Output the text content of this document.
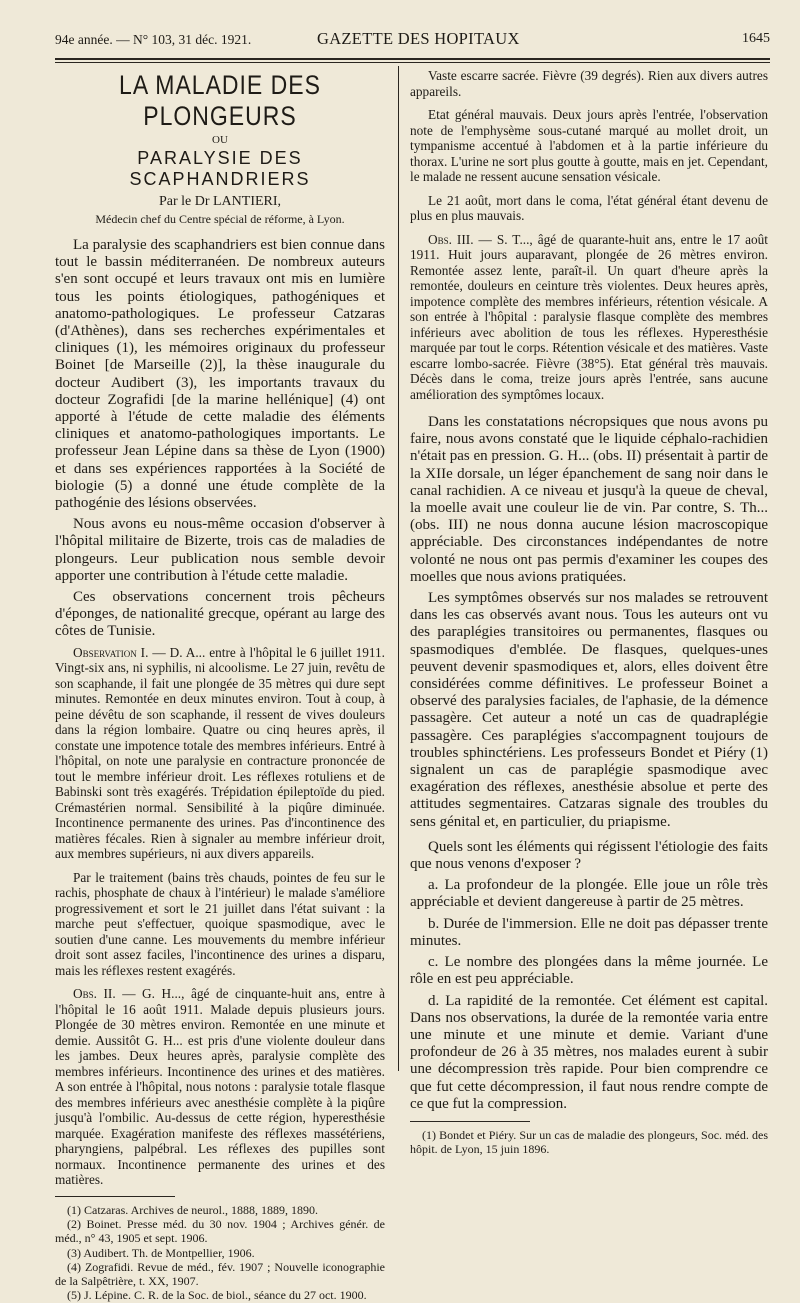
94e année. — N° 103, 31 déc. 1921.	GAZETTE DES HOPITAUX	1645
LA MALADIE DES PLONGEURS
OU
PARALYSIE DES SCAPHANDRIERS
Par le Dr LANTIERI,
Médecin chef du Centre spécial de réforme, à Lyon.

La paralysie des scaphandriers est bien connue dans tout le bassin méditerranéen. De nombreux auteurs s'en sont occupé et leurs travaux ont mis en lumière tous les points étiologiques, pathogéniques et anatomo-pathologiques. Le professeur Catzaras (d'Athènes), dans ses recherches expérimentales et cliniques (1), les mémoires originaux du professeur Boinet [de Marseille (2)], la thèse inaugurale du docteur Audibert (3), les importants travaux du docteur Zografidi [de la marine hellénique] (4) ont apporté à l'étude de cette maladie des éléments cliniques et anatomo-pathologiques importants. Le professeur Jean Lépine dans sa thèse de Lyon (1900) et dans ses expériences rapportées à la Société de biologie (5) a donné une étude complète de la pathogénie des lésions observées.

Nous avons eu nous-même occasion d'observer à l'hôpital militaire de Bizerte, trois cas de maladies de plongeurs. Leur publication nous semble devoir apporter une contribution à l'étude cette maladie.

Ces observations concernent trois pêcheurs d'éponges, de nationalité grecque, opérant au large des côtes de Tunisie.

Observation I. — D. A... entre à l'hôpital le 6 juillet 1911. Vingt-six ans, ni syphilis, ni alcoolisme. Le 27 juin, revêtu de son scaphande, il fait une plongée de 35 mètres qui dure sept minutes. Remontée en deux minutes environ. Tout à coup, à peine dévêtu de son scaphande, il ressent de vives douleurs dans la région lombaire. Quatre ou cinq heures après, il constate une impotence totale des membres inférieurs. Entré à l'hôpital, on note une paralysie en contracture prononcée de tout le membre inférieur droit. Les réflexes rotuliens et de Babinski sont très exagérés. Trépidation épileptoïde du pied. Crémastérien normal. Sensibilité à la piqûre diminuée. Incontinence permanente des urines. Pas d'incontinence des matières fécales. Rien à signaler au membre inférieur droit, aux membres supérieurs, ni aux divers appareils.

Par le traitement (bains très chauds, pointes de feu sur le rachis, phosphate de chaux à l'intérieur) le malade s'améliore progressivement et sort le 21 juillet dans l'état suivant : la marche peut s'effectuer, quoique spasmodique, avec le soutien d'une canne. Les mouvements du membre inférieur droit sont assez faciles, l'incontinence des urines a disparu, mais les réflexes restent exagérés.

Obs. II. — G. H..., âgé de cinquante-huit ans, entre à l'hôpital le 16 août 1911. Malade depuis plusieurs jours. Plongée de 30 mètres environ. Remontée en une minute et demie. Aussitôt G. H... est pris d'une violente douleur dans les jambes. Deux heures après, paralysie complète des membres inférieurs. Incontinence des urines et des matières. A son entrée à l'hôpital, nous notons : paralysie totale flasque des membres inférieurs avec anesthésie complète à la piqûre jusqu'à l'ombilic. Au-dessus de cette région, hyperesthésie marquée. Exagération manifeste des réflexes massétériens, pharyngiens, palpébral. Les réflexes des pupilles sont normaux. Incontinence permanente des urines et des matières.

(1) Catzaras. Archives de neurol., 1888, 1889, 1890.

(2) Boinet. Presse méd. du 30 nov. 1904 ; Archives génér. de méd., n° 43, 1905 et sept. 1906.

(3) Audibert. Th. de Montpellier, 1906.

(4) Zografidi. Revue de méd., fév. 1907 ; Nouvelle iconographie de la Salpêtrière, t. XX, 1907.

(5) J. Lépine. C. R. de la Soc. de biol., séance du 27 oct. 1900.

Vaste escarre sacrée. Fièvre (39 degrés). Rien aux divers autres appareils.

Etat général mauvais. Deux jours après l'entrée, l'observation note de l'emphysème sous-cutané marqué au mollet droit, un tympanisme accentué à l'abdomen et à la partie inférieure du thorax. L'urine ne sort plus goutte à goutte, mais en jet. Cependant, le malade ne ressent aucune sensation vésicale.

Le 21 août, mort dans le coma, l'état général étant devenu de plus en plus mauvais.

Obs. III. — S. T..., âgé de quarante-huit ans, entre le 17 août 1911. Huit jours auparavant, plongée de 26 mètres environ. Remontée assez lente, paraît-il. Un quart d'heure après la remontée, douleurs en ceinture très violentes. Deux heures après, impotence complète des membres inférieurs, rétention vésicale. A son entrée à l'hôpital : paralysie flasque complète des membres inférieurs avec abolition de tous les réflexes. Hyperesthésie marquée par tout le corps. Rétention vésicale et des matières. Vaste escarre lombo-sacrée. Fièvre (38°5). Etat général très mauvais. Décès dans le coma, treize jours après l'entrée, sans aucune amélioration des symptômes locaux.

Dans les constatations nécropsiques que nous avons pu faire, nous avons constaté que le liquide céphalo-rachidien n'était pas en pression. G. H... (obs. II) présentait à partir de la XIIe dorsale, un léger épanchement de sang noir dans le canal rachidien. A ce niveau et jusqu'à la queue de cheval, la moelle avait une couleur lie de vin. Par contre, S. Th... (obs. III) ne nous donna aucune lésion macroscopique appréciable. Des circonstances indépendantes de notre volonté ne nous ont pas permis d'examiner les coupes des moelles que nous avions pratiquées.

Les symptômes observés sur nos malades se retrouvent dans les cas observés avant nous. Tous les auteurs ont vu des paraplégies transitoires ou permanentes, flasques ou spasmodiques d'emblée. De flasques, quelques-unes peuvent devenir spasmodiques et, alors, elles doivent être considérées comme définitives. Le professeur Boinet a observé des paralysies faciales, de l'aphasie, de la démence passagère. Cet auteur a noté un cas de quadraplégie passagère. Ces paraplégies s'accompagnent toujours de troubles sphinctériens. Les professeurs Bondet et Piéry (1) signalent un cas de paraplégie spasmodique avec exagération des réflexes, anesthésie absolue et perte des attitudes segmentaires. Catzaras signale des troubles du sens génital et, en particulier, du priapisme.

Quels sont les éléments qui régissent l'étiologie des faits que nous venons d'exposer ?

a. La profondeur de la plongée. Elle joue un rôle très appréciable et devient dangereuse à partir de 25 mètres.

b. Durée de l'immersion. Elle ne doit pas dépasser trente minutes.

c. Le nombre des plongées dans la même journée. Le rôle en est peu appréciable.

d. La rapidité de la remontée. Cet élément est capital. Dans nos observations, la durée de la remontée varia entre une minute et une minute et demie. Variant d'une profondeur de 26 à 35 mètres, nos malades eurent à subir une décompression très rapide. Pour bien comprendre ce que fut cette décompression, il faut nous rendre compte de ce que fut la compression.

(1) Bondet et Piéry. Sur un cas de maladie des plongeurs, Soc. méd. des hôpit. de Lyon, 15 juin 1896.
